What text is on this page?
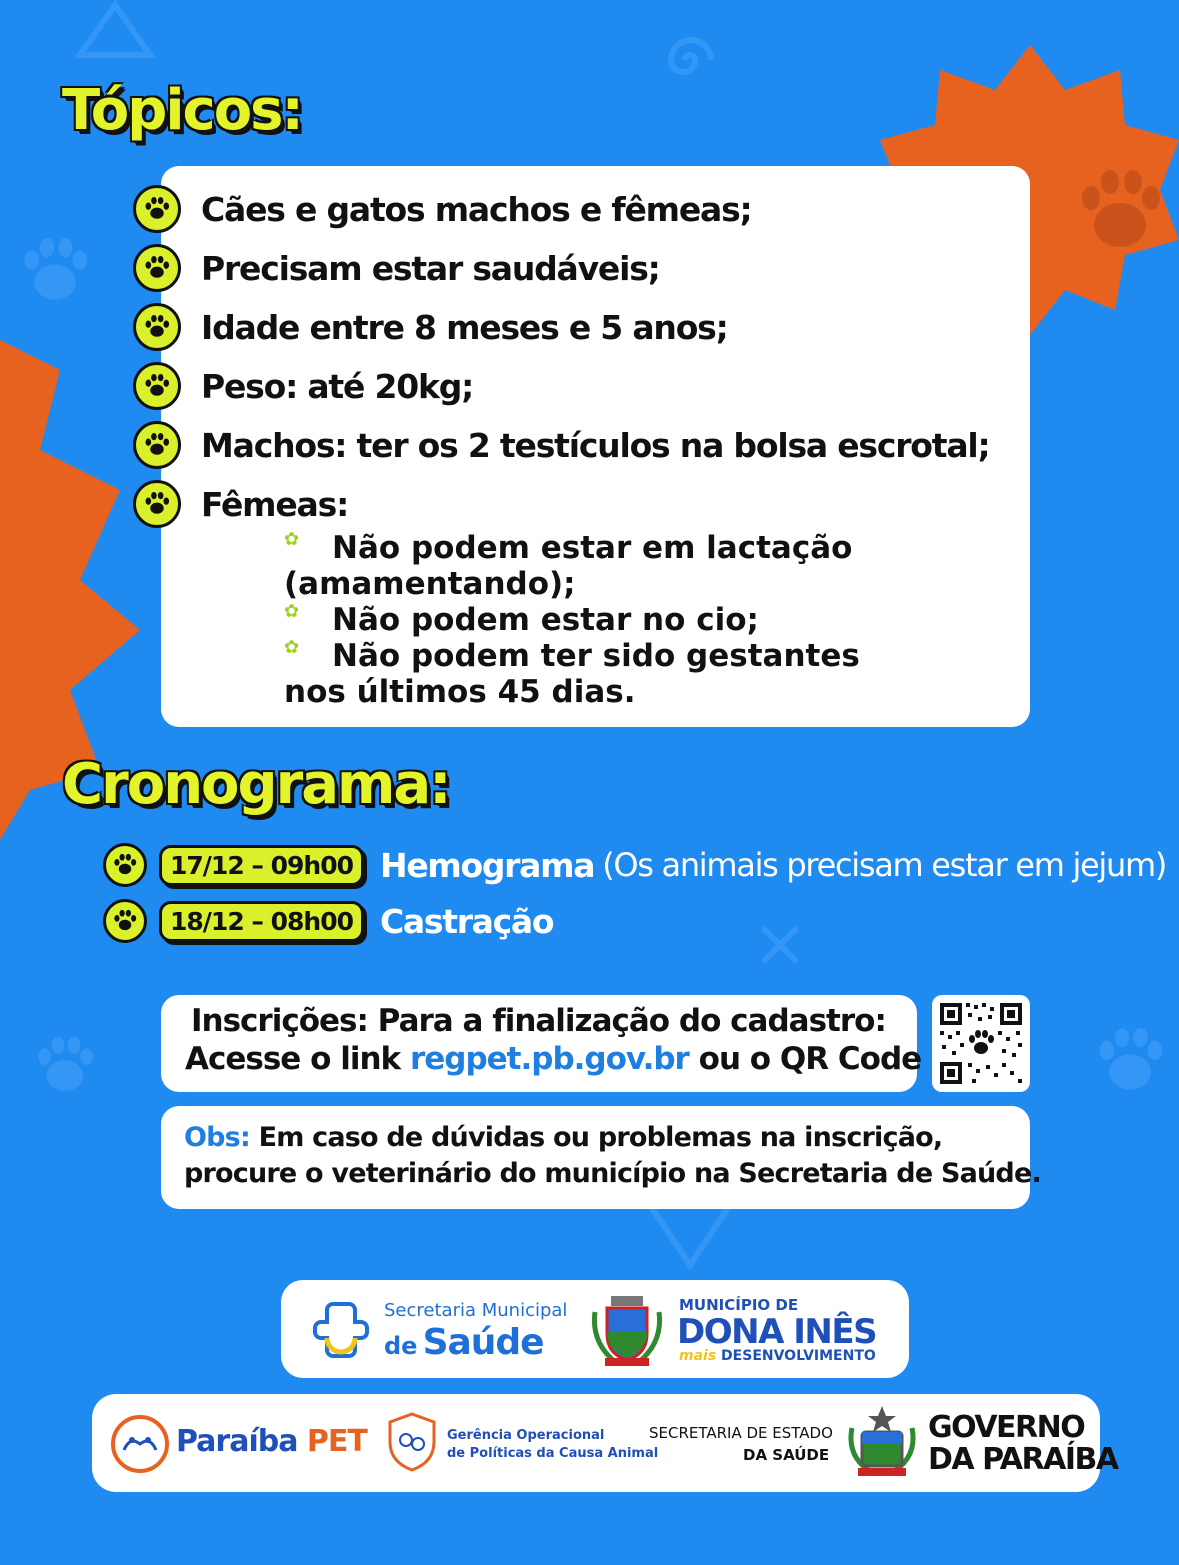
Tópicos:
Cães e gatos machos e fêmeas;
Precisam estar saudáveis;
Idade entre 8 meses e 5 anos;
Peso: até 20kg;
Machos: ter os 2 testículos na bolsa escrotal;
Fêmeas:
✿ Não podem estar em lactação
(amamentando);
✿ Não podem estar no cio;
✿ Não podem ter sido gestantes
nos últimos 45 dias.
Cronograma:
17/12 – 09h00 Hemograma (Os animais precisam estar em jejum)
18/12 – 08h00 Castração
Inscrições: Para a finalização do cadastro:
Acesse o link regpet.pb.gov.br ou o QR Code
Obs: Em caso de dúvidas ou problemas na inscrição,
procure o veterinário do município na Secretaria de Saúde.
Secretaria Municipal
de Saúde
MUNICÍPIO DE
DONA INÊS
mais DESENVOLVIMENTO
Paraíba PET	Gerência Operacional
de Políticas da Causa Animal
SECRETARIA DE ESTADO
DA SAÚDE
GOVERNO
DA PARAÍBA
